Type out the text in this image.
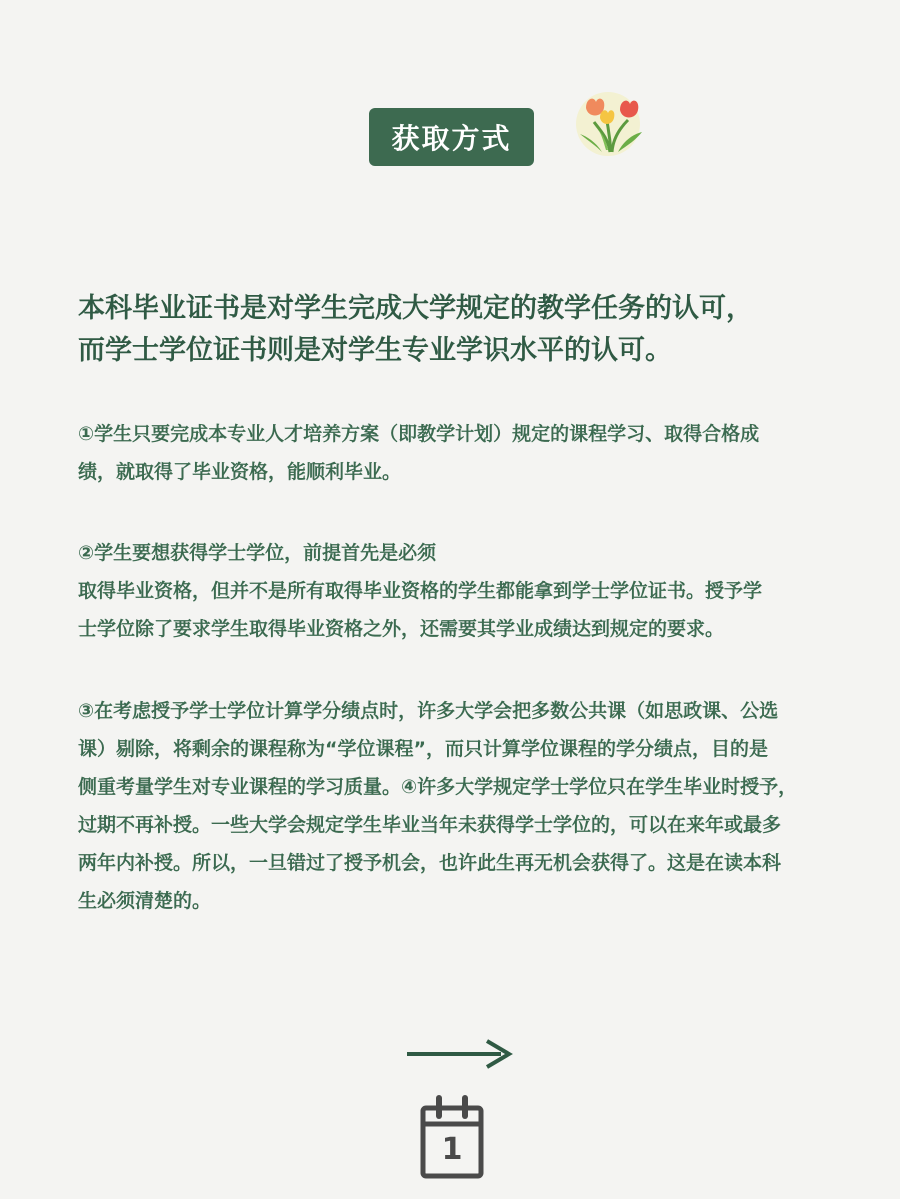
获取方式
本科毕业证书是对学生完成大学规定的教学任务的认可，
而学士学位证书则是对学生专业学识水平的认可。
①学生只要完成本专业人才培养方案（即教学计划）规定的课程学习、取得合格成
绩，就取得了毕业资格，能顺利毕业。
②学生要想获得学士学位，前提首先是必须
取得毕业资格，但并不是所有取得毕业资格的学生都能拿到学士学位证书。授予学
士学位除了要求学生取得毕业资格之外，还需要其学业成绩达到规定的要求。
③在考虑授予学士学位计算学分绩点时，许多大学会把多数公共课（如思政课、公选
课）剔除，将剩余的课程称为“学位课程”，而只计算学位课程的学分绩点，目的是
侧重考量学生对专业课程的学习质量。④许多大学规定学士学位只在学生毕业时授予，
过期不再补授。一些大学会规定学生毕业当年未获得学士学位的，可以在来年或最多
两年内补授。所以，一旦错过了授予机会，也许此生再无机会获得了。这是在读本科
生必须清楚的。
1
